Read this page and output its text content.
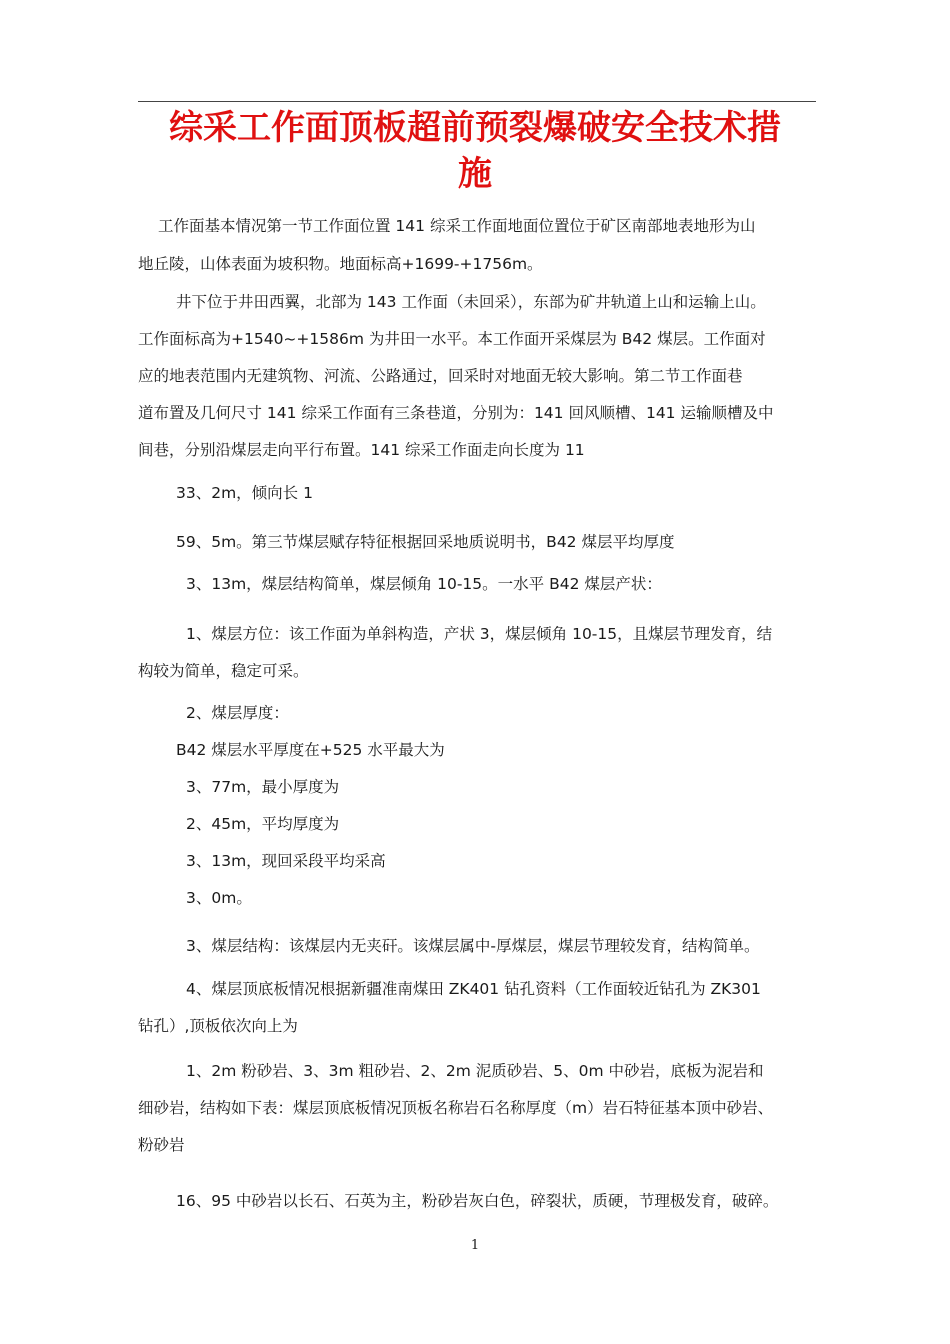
综采工作面顶板超前预裂爆破安全技术措
施

工作面基本情况第一节工作面位置 141 综采工作面地面位置位于矿区南部地表地形为山

地丘陵，山体表面为坡积物。地面标高+1699-+1756m。

井下位于井田西翼，北部为 143 工作面（未回采），东部为矿井轨道上山和运输上山。

工作面标高为+1540~+1586m 为井田一水平。本工作面开采煤层为 B42 煤层。工作面对

应的地表范围内无建筑物、河流、公路通过，回采时对地面无较大影响。第二节工作面巷

道布置及几何尺寸 141 综采工作面有三条巷道，分别为：141 回风顺槽、141 运输顺槽及中

间巷，分别沿煤层走向平行布置。141 综采工作面走向长度为 11

33、2m，倾向长 1

59、5m。第三节煤层赋存特征根据回采地质说明书，B42 煤层平均厚度

3、13m，煤层结构简单，煤层倾角 10-15。一水平 B42 煤层产状：

1、煤层方位：该工作面为单斜构造，产状 3，煤层倾角 10-15，且煤层节理发育，结

构较为简单，稳定可采。

2、煤层厚度：

B42 煤层水平厚度在+525 水平最大为

3、77m，最小厚度为

2、45m，平均厚度为

3、13m，现回采段平均采高

3、0m。

3、煤层结构：该煤层内无夹矸。该煤层属中-厚煤层，煤层节理较发育，结构简单。

4、煤层顶底板情况根据新疆准南煤田 ZK401 钻孔资料（工作面较近钻孔为 ZK301

钻孔）,顶板依次向上为

1、2m 粉砂岩、3、3m 粗砂岩、2、2m 泥质砂岩、5、0m 中砂岩，底板为泥岩和

细砂岩，结构如下表：煤层顶底板情况顶板名称岩石名称厚度（m）岩石特征基本顶中砂岩、

粉砂岩

16、95 中砂岩以长石、石英为主，粉砂岩灰白色，碎裂状，质硬，节理极发育，破碎。

1
